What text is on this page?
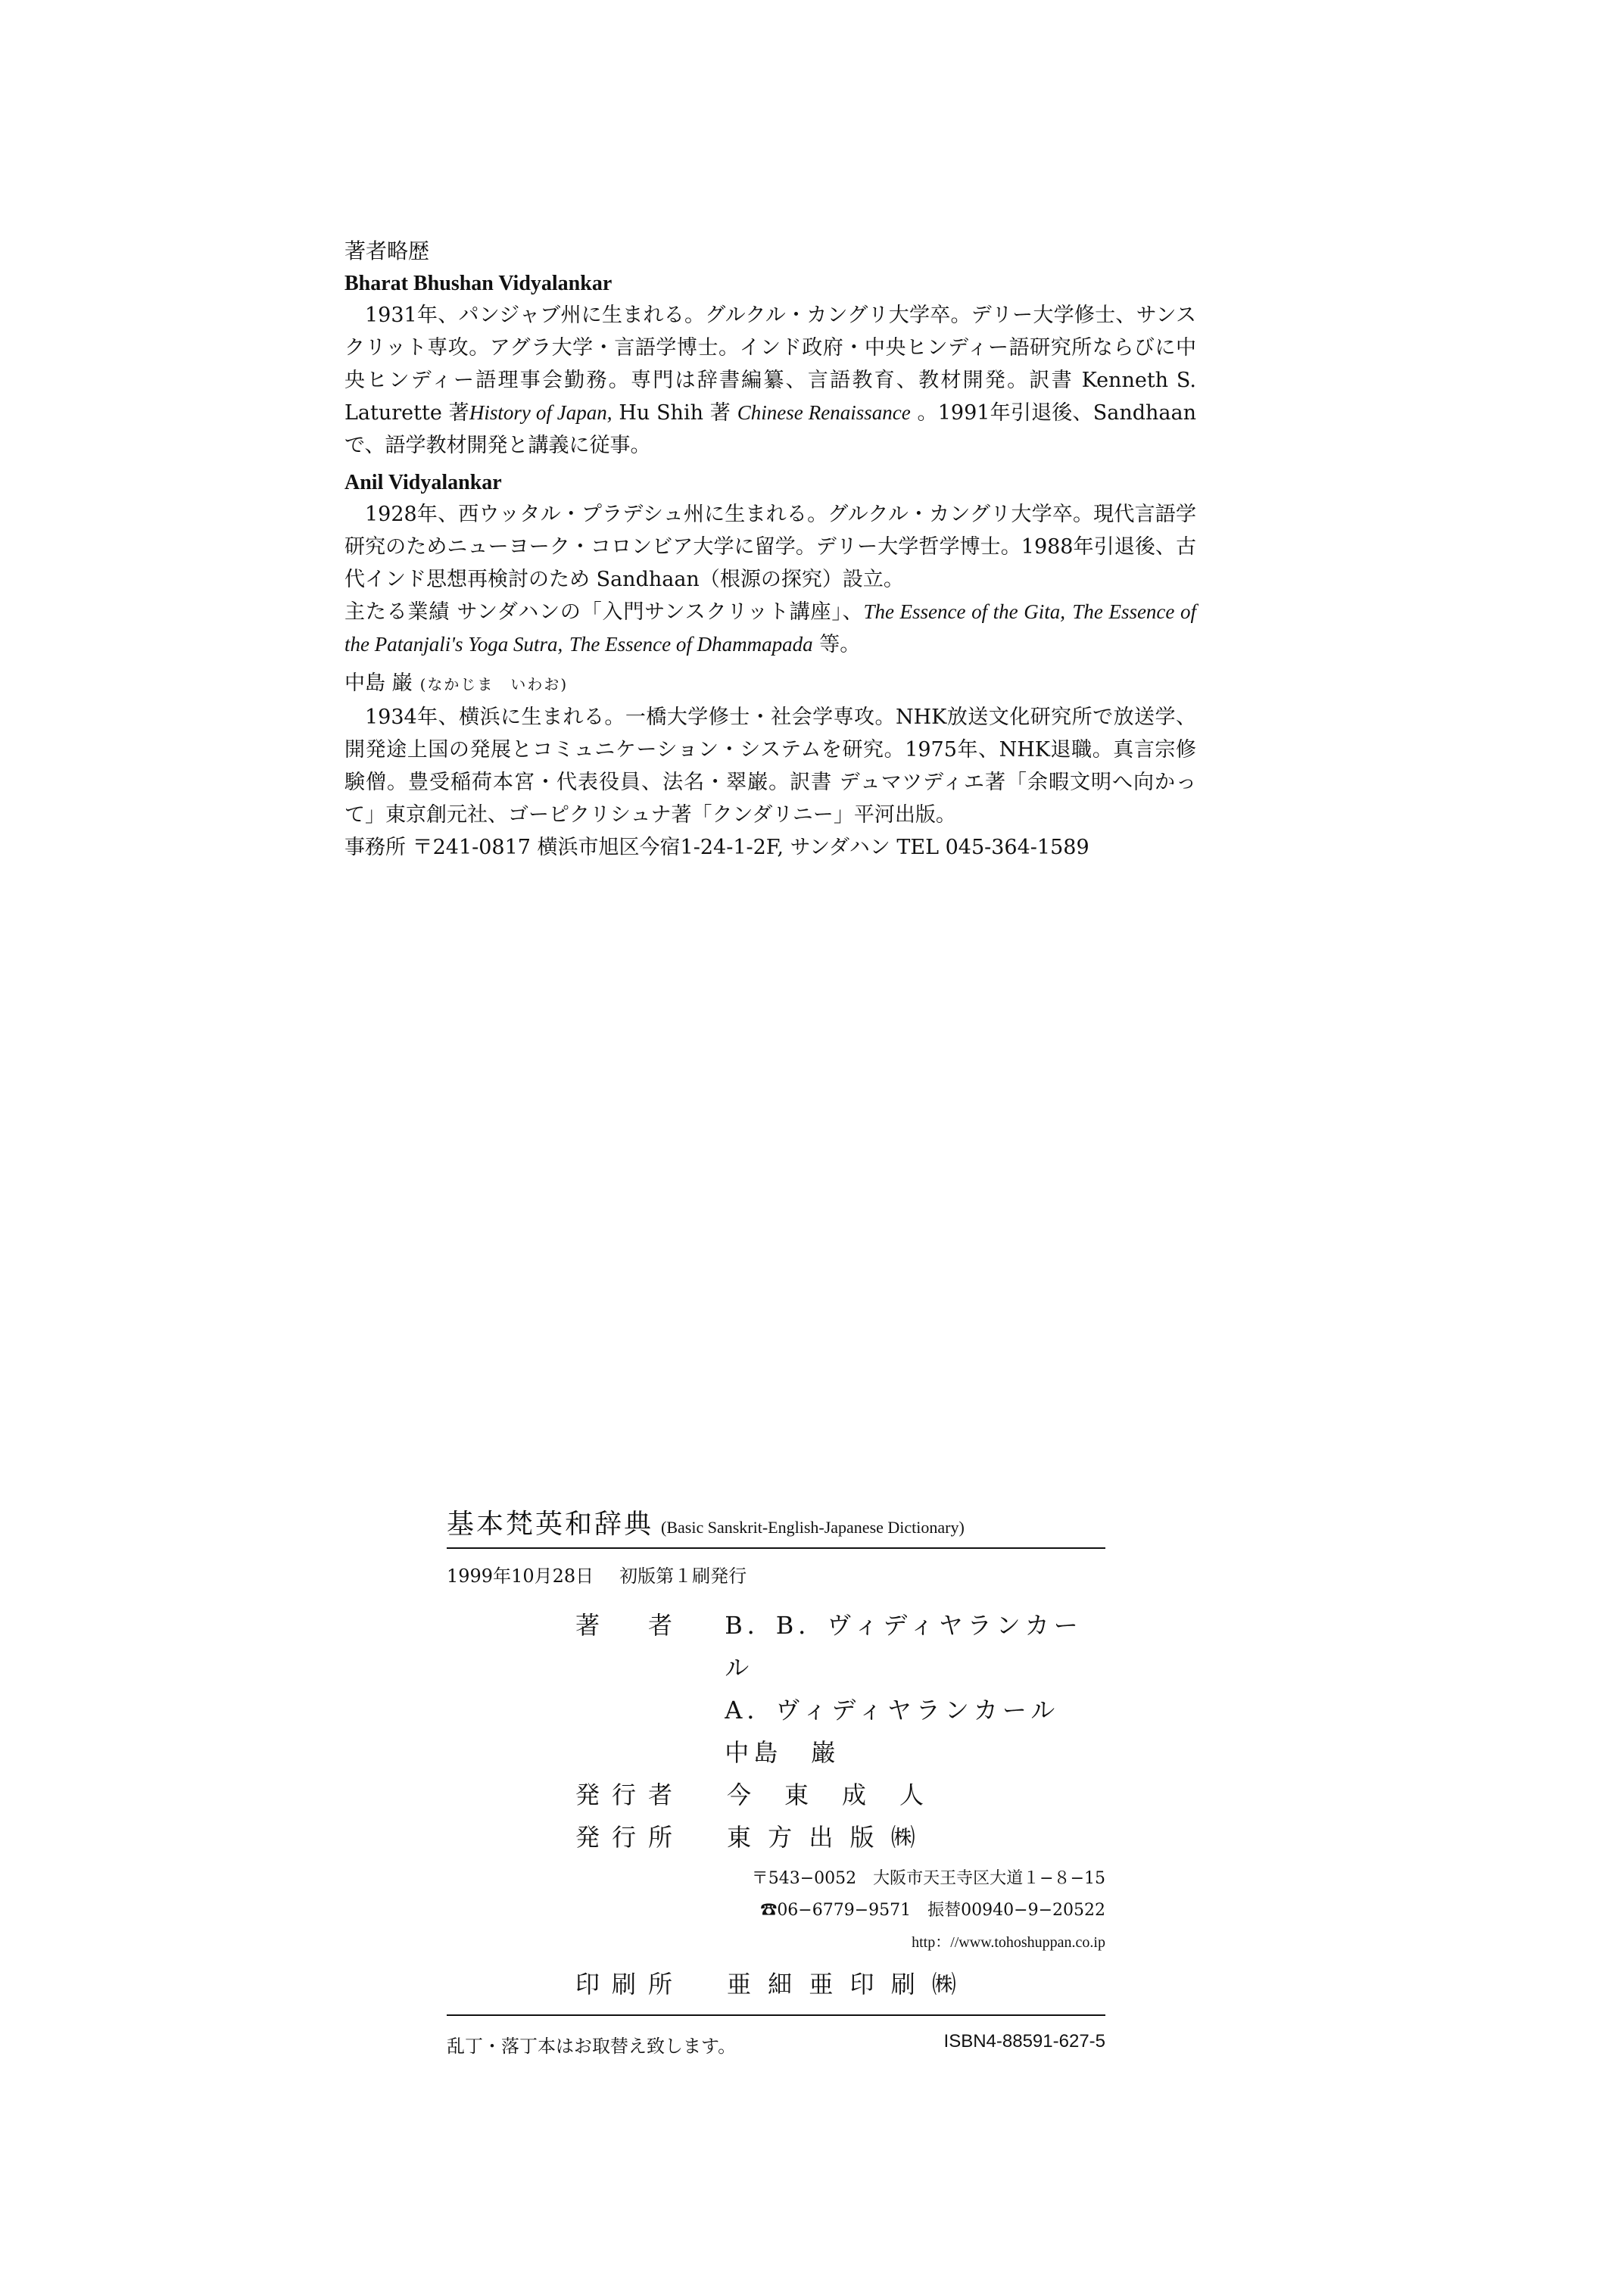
著者略歴
Bharat Bhushan Vidyalankar
1931年、パンジャブ州に生まれる。グルクル・カングリ大学卒。デリー大学修士、サンスクリット専攻。アグラ大学・言語学博士。インド政府・中央ヒンディー語研究所ならびに中央ヒンディー語理事会勤務。専門は辞書編纂、言語教育、教材開発。訳書 Kenneth S. Laturette 著History of Japan, Hu Shih 著 Chinese Renaissance 。1991年引退後、Sandhaanで、語学教材開発と講義に従事。
Anil Vidyalankar
1928年、西ウッタル・プラデシュ州に生まれる。グルクル・カングリ大学卒。現代言語学研究のためニューヨーク・コロンビア大学に留学。デリー大学哲学博士。1988年引退後、古代インド思想再検討のため Sandhaan（根源の探究）設立。
主たる業績 サンダハンの「入門サンスクリット講座」、The Essence of the Gita, The Essence of the Patanjali's Yoga Sutra, The Essence of Dhammapada 等。
中島 巌 (なかじま　いわお)
1934年、横浜に生まれる。一橋大学修士・社会学専攻。NHK放送文化研究所で放送学、開発途上国の発展とコミュニケーション・システムを研究。1975年、NHK退職。真言宗修験僧。豊受稲荷本宮・代表役員、法名・翠巌。訳書 デュマツディエ著「余暇文明へ向かって」東京創元社、ゴーピクリシュナ著「クンダリニー」平河出版。
事務所 〒241-0817 横浜市旭区今宿1-24-1-2F, サンダハン TEL 045-364-1589
基本梵英和辞典 (Basic Sanskrit-English-Japanese Dictionary)
1999年10月28日 初版第１刷発行
著　者	B．B．ヴィディヤランカール
A．ヴィディヤランカール
中島　巌
発行者	今　東　成　人
発行所	東 方 出 版 ㈱
〒543−0052　大阪市天王寺区大道１−８−15
☎06−6779−9571　振替00940−9−20522
http：//www.tohoshuppan.co.ip
印刷所	亜 細 亜 印 刷 ㈱
乱丁・落丁本はお取替え致します。	ISBN4-88591-627-5
